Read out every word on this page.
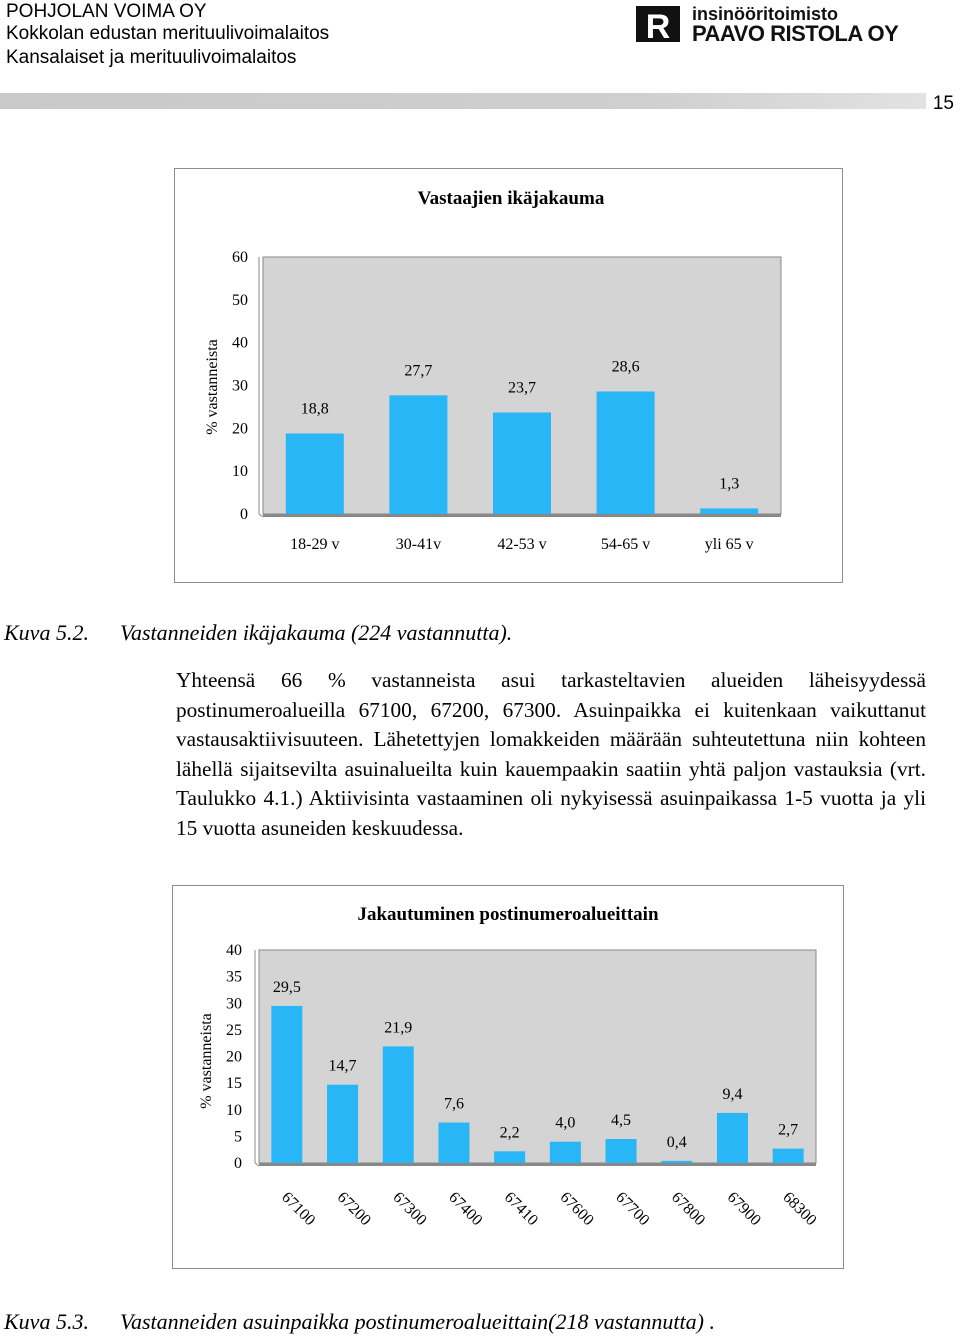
POHJOLAN VOIMA OY
Kokkolan edustan merituulivoimalaitos
Kansalaiset ja merituulivoimalaitos
R insinööritoimisto
PAAVO RISTOLA OY
15
Vastaajien ikäjakauma
% vastanneista
60
50
40
30
20
10
0
18,8
18-29 v
27,7
30-41v
23,7
42-53 v
28,6
54-65 v
1,3
yli 65 v
Kuva 5.2. Vastanneiden ikäjakauma (224 vastannutta).
Yhteensä 66 % vastanneista asui tarkasteltavien alueiden läheisyydessä postinumeroalueilla 67100, 67200, 67300. Asuinpaikka ei kuitenkaan vaikuttanut vastausaktiivisuuteen. Lähetettyjen lomakkeiden määrään suhteutettuna niin kohteen lähellä sijaitsevilta asuinalueilta kuin kauempaakin saatiin yhtä paljon vastauksia (vrt. Taulukko 4.1.) Aktiivisinta vastaaminen oli nykyisessä asuinpaikassa 1-5 vuotta ja yli 15 vuotta asuneiden keskuudessa.
Jakautuminen postinumeroalueittain
% vastanneista
40
35
30
25
20
15
10
5
0
29,5
67100
14,7
67200
21,9
67300
7,6
67400
2,2
67410
4,0
67600
4,5
67700
0,4
67800
9,4
67900
2,7
68300
Kuva 5.3. Vastanneiden asuinpaikka postinumeroalueittain(218 vastannutta) .
